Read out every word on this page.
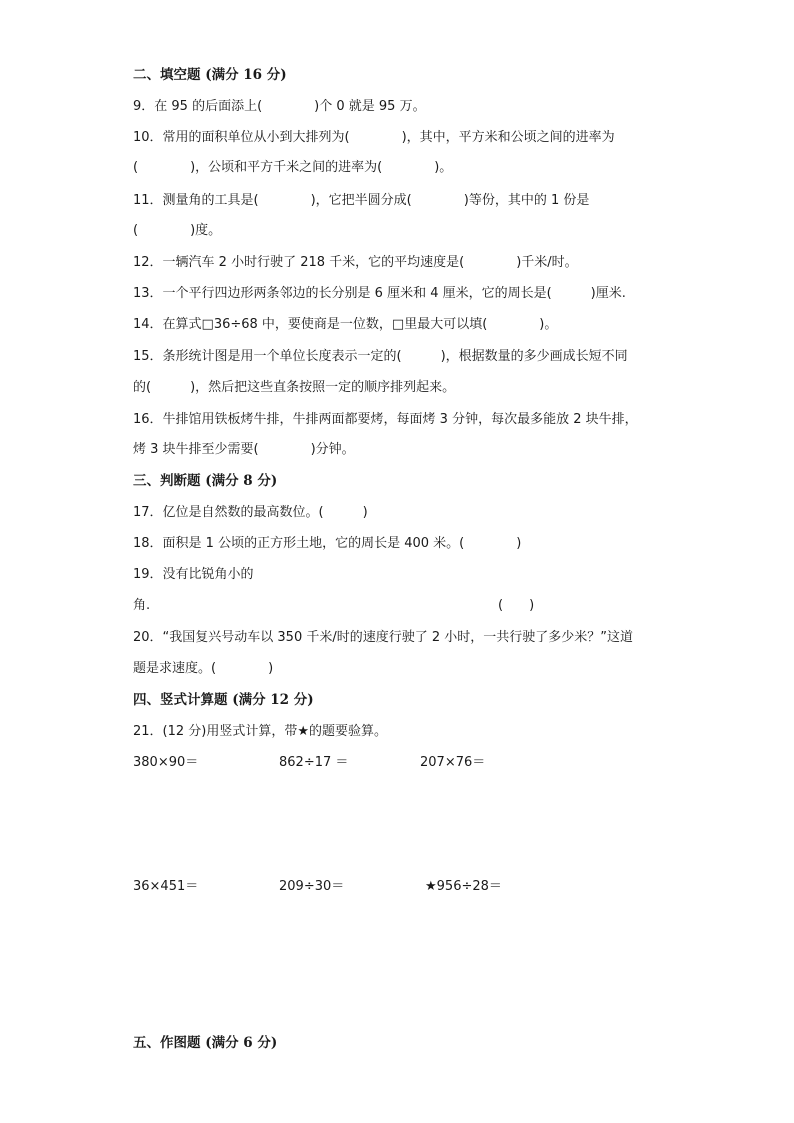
二、填空题 (满分 16 分)
9．在 95 的后面添上(　　　　)个 0 就是 95 万。
10．常用的面积单位从小到大排列为(　　　　)，其中，平方米和公顷之间的进率为
(　　　　)，公顷和平方千米之间的进率为(　　　　)。
11．测量角的工具是(　　　　)，它把半圆分成(　　　　)等份，其中的 1 份是
(　　　　)度。
12．一辆汽车 2 小时行驶了 218 千米，它的平均速度是(　　　　)千米/时。
13．一个平行四边形两条邻边的长分别是 6 厘米和 4 厘米，它的周长是(　　　)厘米.
14．在算式□36÷68 中，要使商是一位数，□里最大可以填(　　　　)。
15．条形统计图是用一个单位长度表示一定的(　　　)，根据数量的多少画成长短不同
的(　　　)，然后把这些直条按照一定的顺序排列起来。
16．牛排馆用铁板烤牛排，牛排两面都要烤，每面烤 3 分钟，每次最多能放 2 块牛排，
烤 3 块牛排至少需要(　　　　)分钟。
三、判断题 (满分 8 分)
17．亿位是自然数的最高数位。(　　　)
18．面积是 1 公顷的正方形土地，它的周长是 400 米。(　　　　)
19．没有比锐角小的
角.	(　　)
20．“我国复兴号动车以 350 千米/时的速度行驶了 2 小时，一共行驶了多少米？”这道
题是求速度。(　　　　)
四、竖式计算题 (满分 12 分)
21．(12 分)用竖式计算，带★的题要验算。
380×90＝	862÷17 ＝	207×76＝
36×451＝	209÷30＝	★956÷28＝
五、作图题 (满分 6 分)
